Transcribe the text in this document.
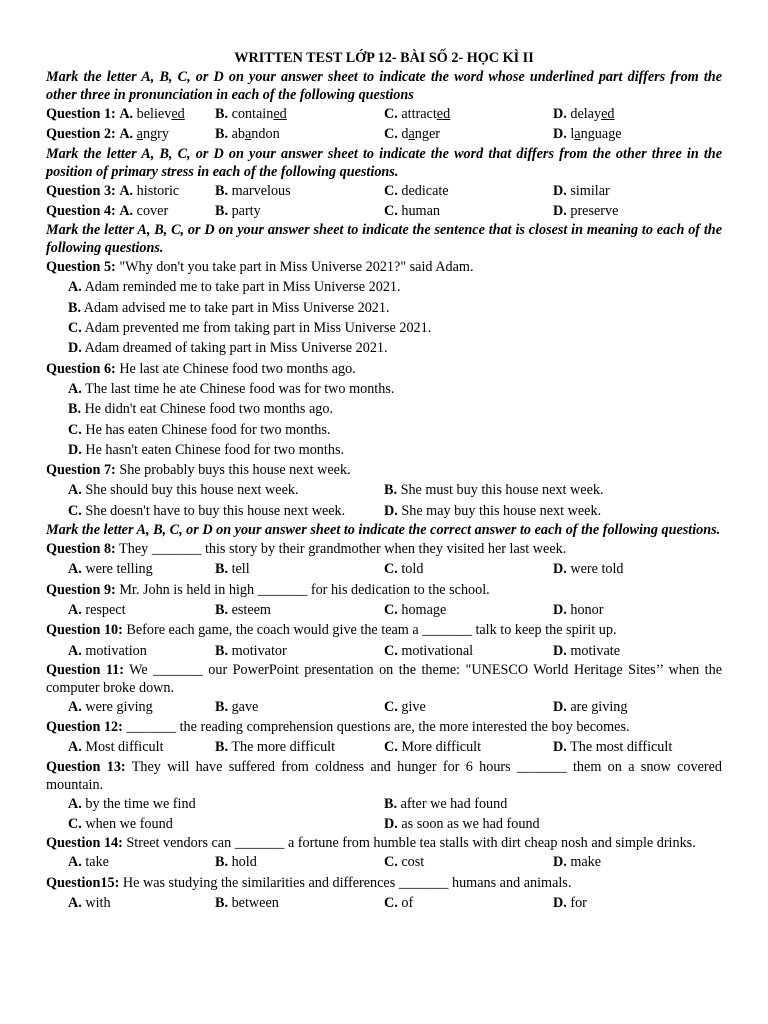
WRITTEN TEST LỚP 12- BÀI SỐ 2- HỌC KÌ II
Mark the letter A, B, C, or D on your answer sheet to indicate the word whose underlined part differs from the other three in pronunciation in each of the following questions
Question 1: A. believed	B. contained	C. attracted	D. delayed
Question 2: A. angry	B. abandon	C. danger	D. language
Mark the letter A, B, C, or D on your answer sheet to indicate the word that differs from the other three in the position of primary stress in each of the following questions.
Question 3: A. historic	B. marvelous	C. dedicate	D. similar
Question 4: A. cover	B. party	C. human	D. preserve
Mark the letter A, B, C, or D on your answer sheet to indicate the sentence that is closest in meaning to each of the following questions.
Question 5: "Why don't you take part in Miss Universe 2021?" said Adam.
A. Adam reminded me to take part in Miss Universe 2021.
B. Adam advised me to take part in Miss Universe 2021.
C. Adam prevented me from taking part in Miss Universe 2021.
D. Adam dreamed of taking part in Miss Universe 2021.
Question 6: He last ate Chinese food two months ago.
A. The last time he ate Chinese food was for two months.
B. He didn't eat Chinese food two months ago.
C. He has eaten Chinese food for two months.
D. He hasn't eaten Chinese food for two months.
Question 7: She probably buys this house next week.
A. She should buy this house next week.	B. She must buy this house next week.
C. She doesn't have to buy this house next week.	D. She may buy this house next week.
Mark the letter A, B, C, or D on your answer sheet to indicate the correct answer to each of the following questions.
Question 8: They _______ this story by their grandmother when they visited her last week.
A. were telling	B. tell	C. told	D. were told
Question 9: Mr. John is held in high _______ for his dedication to the school.
A. respect	B. esteem	C. homage	D. honor
Question 10: Before each game, the coach would give the team a _______ talk to keep the spirit up.
A. motivation	B. motivator	C. motivational	D. motivate
Question 11: We _______ our PowerPoint presentation on the theme: "UNESCO World Heritage Sites’’ when the computer broke down.
A. were giving	B. gave	C. give	D. are giving
Question 12: _______ the reading comprehension questions are, the more interested the boy becomes.
A. Most difficult	B. The more difficult	C. More difficult	D. The most difficult
Question 13: They will have suffered from coldness and hunger for 6 hours _______ them on a snow covered mountain.
A. by the time we find	B. after we had found
C. when we found	D. as soon as we had found
Question 14: Street vendors can _______ a fortune from humble tea stalls with dirt cheap nosh and simple drinks.
A. take	B. hold	C. cost	D. make
Question15: He was studying the similarities and differences _______ humans and animals.
A. with	B. between	C. of	D. for
